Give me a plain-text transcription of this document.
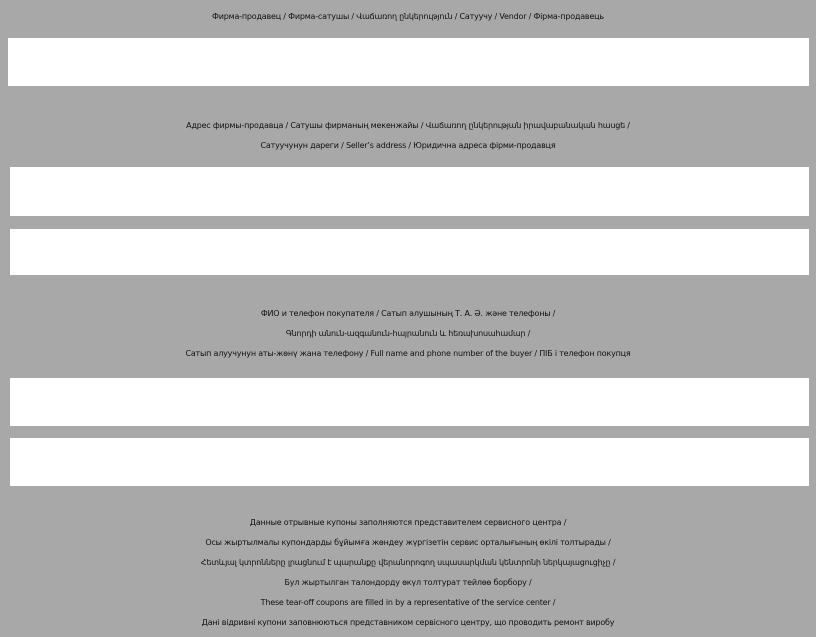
Фирма-продавец / Фирма-сатушы / Վաճառող ընկերություն / Сатуучу / Vendor / Фірма-продавець
Адрес фирмы-продавца / Сатушы фирманың мекенжайы / Վաճառող ընկերության իրավաբանական հասցե /
Сатуучунун дареги / Seller’s address / Юридична адреса фірми-продавця
ФИО и телефон покупателя / Сатып алушының Т. А. Ә. және телефоны /
Գնորդի անուն-ազգանուն-հայրանուն և հեռախոսահամար /
Сатып алуучунун аты-жөнү жана телефону / Full name and phone number of the buyer / ПІБ і телефон покупця
Данные отрывные купоны заполняются представителем сервисного центра /
Осы жыртылмалы купондарды бұйымға жөндеу жүргізетін сервис орталығының өкілі толтырады /
Հետևյալ կտրոնները լրացնում է պարանքը վերանորոգող սպասարկման կենտրոնի ներկայացուցիչը /
Бул жыртылган талондорду өкүл толтурат тейлөө борбору /
These tear-off coupons are filled in by a representative of the service center /
Дані відривні купони заповнюються представником сервісного центру, що проводить ремонт виробу
